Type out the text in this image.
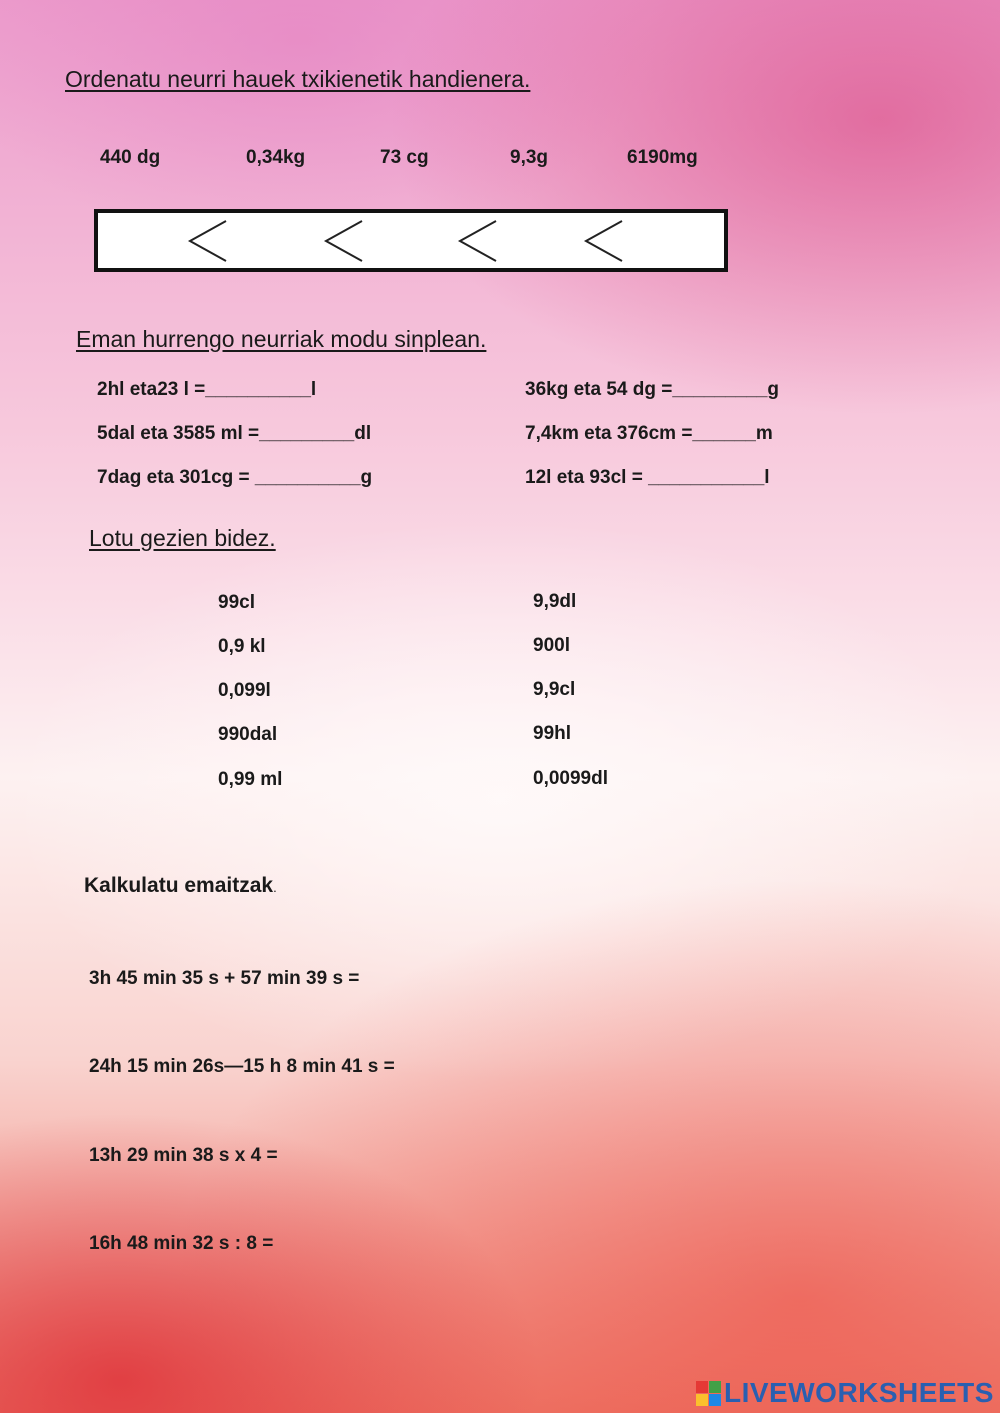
Ordenatu neurri hauek txikienetik handienera.
440 dg	0,34kg	73 cg	9,3g	6190mg
Eman hurrengo neurriak modu sinplean.
2hl eta23 l =__________l
5dal eta 3585 ml =_________dl
7dag eta 301cg = __________g
36kg eta 54 dg =_________g
7,4km eta 376cm =______m
12l eta 93cl = ___________l
Lotu gezien bidez.
99cl
0,9 kl
0,099l
990dal
0,99 ml
9,9dl
900l
9,9cl
99hl
0,0099dl
Kalkulatu emaitzak.
3h 45 min 35 s + 57 min 39 s =
24h 15 min 26s—15 h 8 min 41 s =
13h 29 min 38 s x 4 =
16h 48 min 32 s : 8 =
LIVEWORKSHEETS
